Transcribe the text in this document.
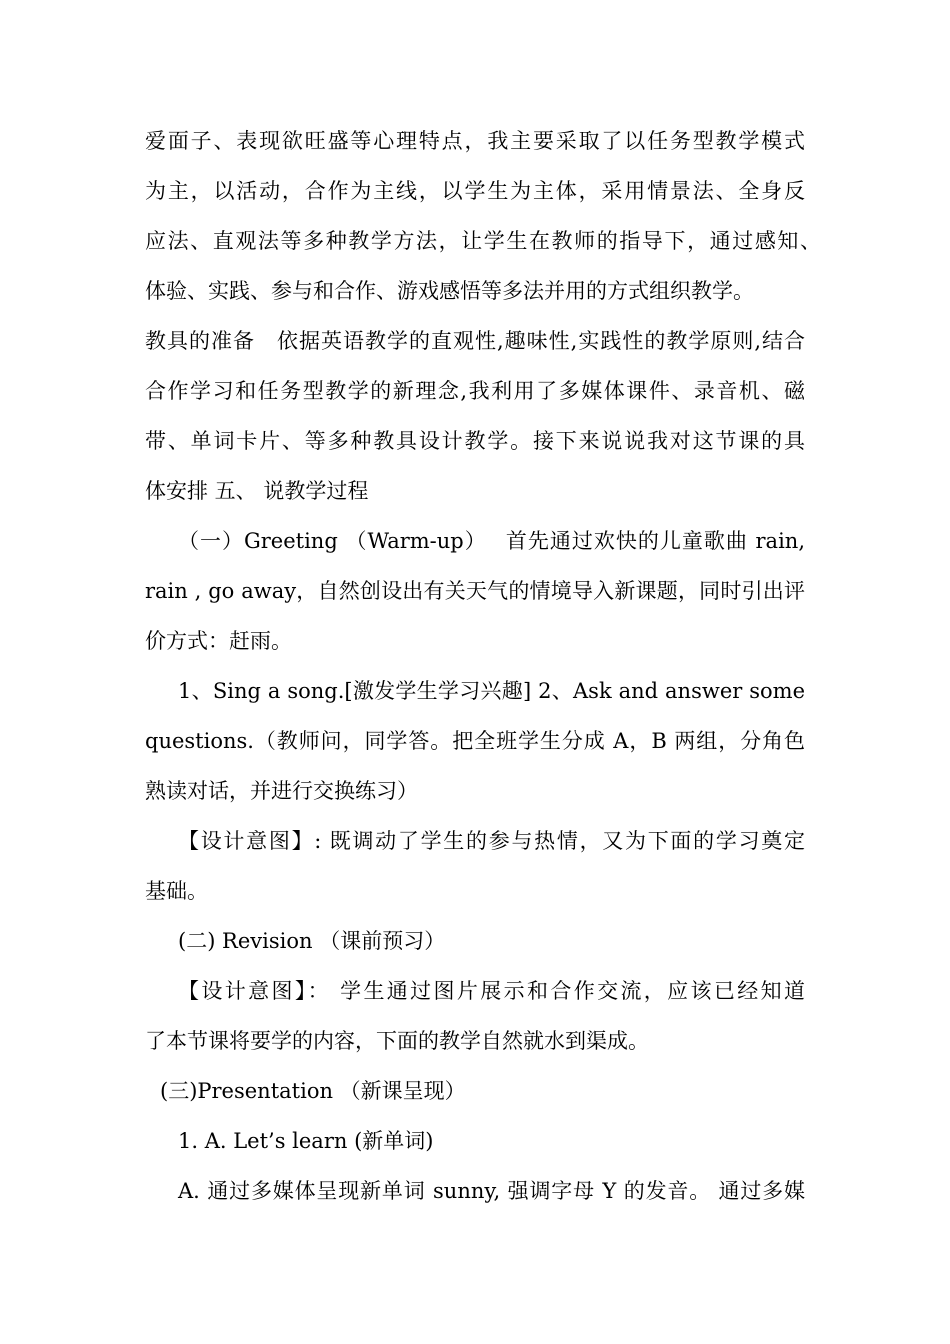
爱面子、表现欲旺盛等心理特点，我主要采取了以任务型教学模式
为主，以活动，合作为主线，以学生为主体，采用情景法、全身反
应法、直观法等多种教学方法，让学生在教师的指导下，通过感知、
体验、实践、参与和合作、游戏感悟等多法并用的方式组织教学。
教具的准备　依据英语教学的直观性,趣味性,实践性的教学原则,结合
合作学习和任务型教学的新理念,我利用了多媒体课件、录音机、磁
带、单词卡片、等多种教具设计教学。接下来说说我对这节课的具
体安排 五、 说教学过程
（一）Greeting （Warm-up）　 首先通过欢快的儿童歌曲 rain,
rain , go away，自然创设出有关天气的情境导入新课题，同时引出评
价方式：赶雨。
1、Sing a song.[激发学生学习兴趣] 2、Ask and answer some
questions.（教师问，同学答。把全班学生分成 A，B 两组，分角色
熟读对话，并进行交换练习）
【设计意图】: 既调动了学生的参与热情，又为下面的学习奠定
基础。
(二) Revision （课前预习）
【设计意图】： 学生通过图片展示和合作交流，应该已经知道
了本节课将要学的内容，下面的教学自然就水到渠成。
(三)Presentation （新课呈现）
1. A. Let’s learn (新单词)
A. 通过多媒体呈现新单词 sunny, 强调字母 Y 的发音。 通过多媒
